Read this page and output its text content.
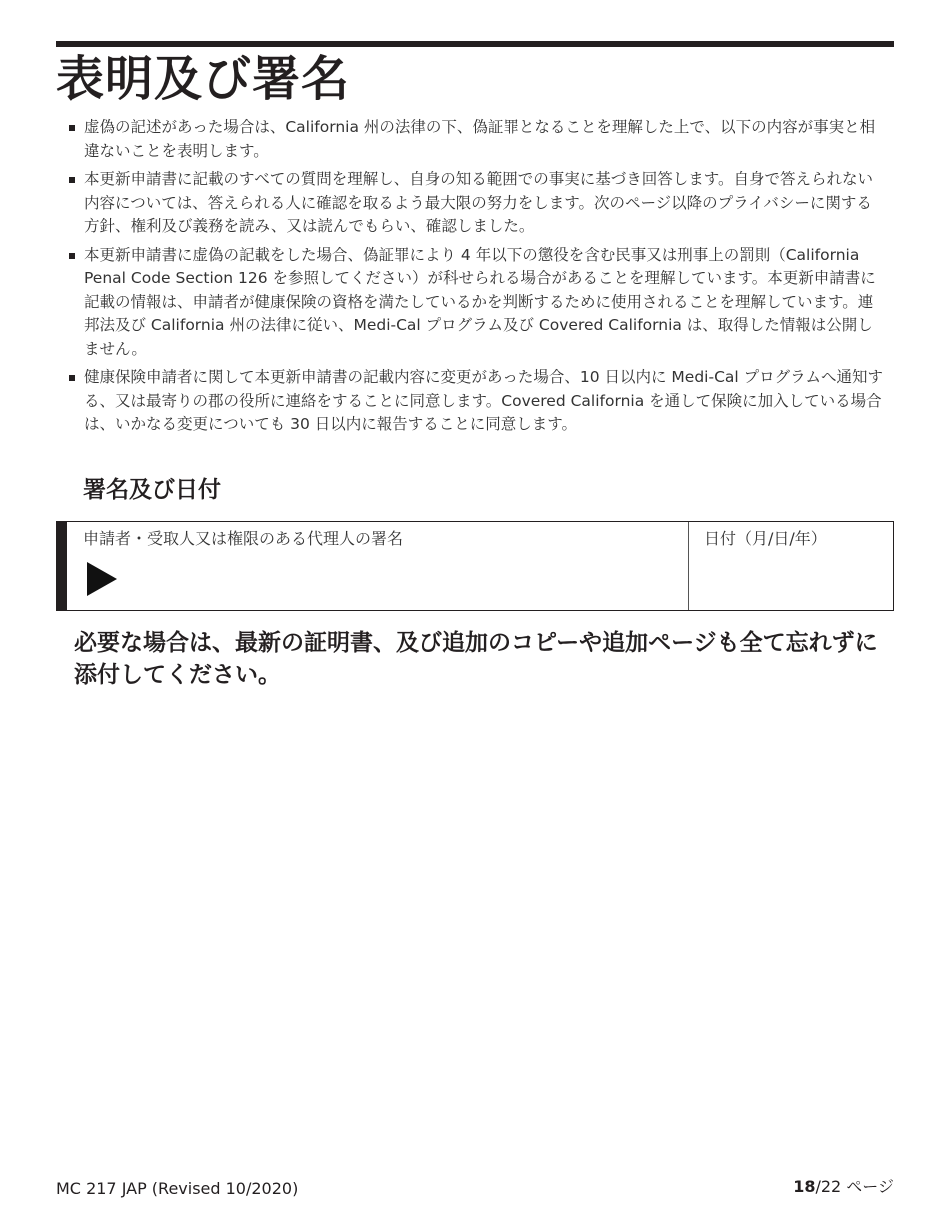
表明及び署名
虚偽の記述があった場合は、California 州の法律の下、偽証罪となることを理解した上で、以下の内容が事実と相違ないことを表明します。
本更新申請書に記載のすべての質問を理解し、自身の知る範囲での事実に基づき回答します。自身で答えられない内容については、答えられる人に確認を取るよう最大限の努力をします。次のページ以降のプライバシーに関する方針、権利及び義務を読み、又は読んでもらい、確認しました。
本更新申請書に虚偽の記載をした場合、偽証罪により 4 年以下の懲役を含む民事又は刑事上の罰則（California Penal Code Section 126 を参照してください）が科せられる場合があることを理解しています。本更新申請書に記載の情報は、申請者が健康保険の資格を満たしているかを判断するために使用されることを理解しています。連邦法及び California 州の法律に従い、Medi-Cal プログラム及び Covered California は、取得した情報は公開しません。
健康保険申請者に関して本更新申請書の記載内容に変更があった場合、10 日以内に Medi-Cal プログラムへ通知する、又は最寄りの郡の役所に連絡をすることに同意します。Covered California を通して保険に加入している場合は、いかなる変更についても 30 日以内に報告することに同意します。
署名及び日付
申請者・受取人又は権限のある代理人の署名	日付（月/日/年）

必要な場合は、最新の証明書、及び追加のコピーや追加ページも全て忘れずに添付してください。

MC 217 JAP (Revised 10/2020)	18/22 ページ
